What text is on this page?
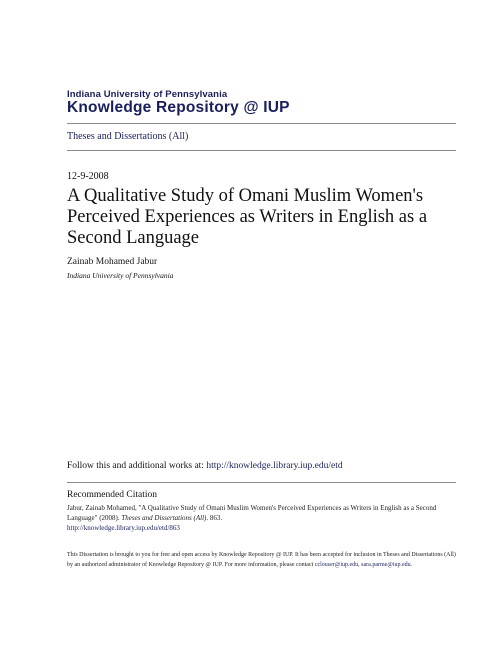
Indiana University of Pennsylvania
Knowledge Repository @ IUP
Theses and Dissertations (All)
12-9-2008
A Qualitative Study of Omani Muslim Women's Perceived Experiences as Writers in English as a Second Language
Zainab Mohamed Jabur
Indiana University of Pennsylvania
Follow this and additional works at: http://knowledge.library.iup.edu/etd
Recommended Citation
Jabur, Zainab Mohamed, "A Qualitative Study of Omani Muslim Women's Perceived Experiences as Writers in English as a Second Language" (2008). Theses and Dissertations (All). 863.
http://knowledge.library.iup.edu/etd/863
This Dissertation is brought to you for free and open access by Knowledge Repository @ IUP. It has been accepted for inclusion in Theses and Dissertations (All) by an authorized administrator of Knowledge Repository @ IUP. For more information, please contact cclouser@iup.edu, sara.parme@iup.edu.
